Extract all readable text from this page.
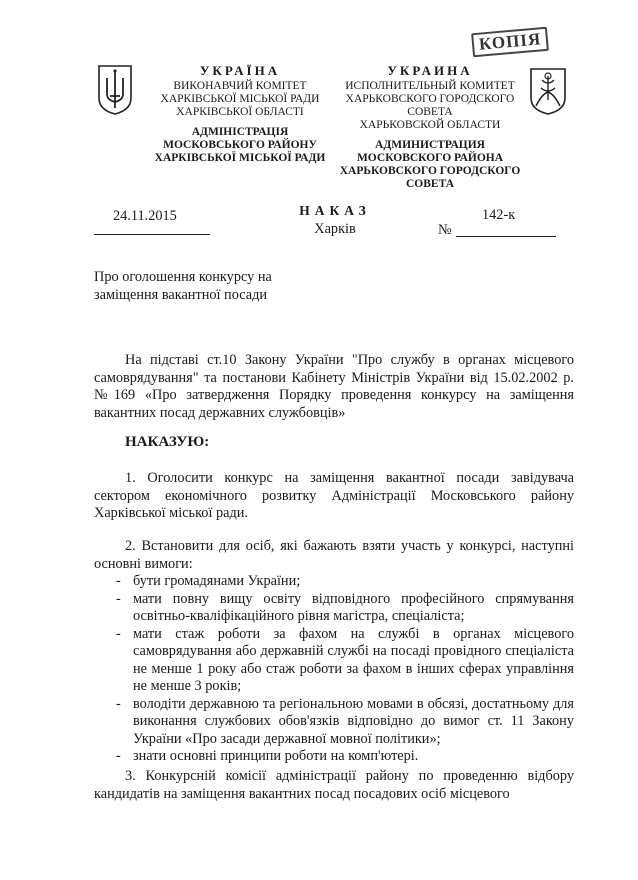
КОПІЯ
УКРАЇНА
ВИКОНАВЧИЙ КОМІТЕТ
ХАРКІВСЬКОЇ МІСЬКОЇ РАДИ
ХАРКІВСЬКОЇ ОБЛАСТІ
АДМІНІСТРАЦІЯ
МОСКОВСЬКОГО РАЙОНУ
ХАРКІВСЬКОЇ МІСЬКОЇ РАДИ
УКРАИНА
ИСПОЛНИТЕЛЬНЫЙ КОМИТЕТ
ХАРЬКОВСКОГО ГОРОДСКОГО СОВЕТА
ХАРЬКОВСКОЙ ОБЛАСТИ
АДМИНИСТРАЦИЯ
МОСКОВСКОГО РАЙОНА
ХАРЬКОВСКОГО ГОРОДСКОГО СОВЕТА
24.11.2015	НАКАЗ
Харків
142-к
№
Про оголошення конкурсу на
заміщення вакантної посади
На підставі ст.10 Закону України "Про службу в органах місцевого самоврядування" та постанови Кабінету Міністрів України від 15.02.2002 р. №169 «Про затвердження Порядку проведення конкурсу на заміщення вакантних посад державних службовців»
НАКАЗУЮ:
1. Оголосити конкурс на заміщення вакантної посади завідувача сектором економічного розвитку Адміністрації Московського району Харківської міської ради.
2. Встановити для осіб, які бажають взяти участь у конкурсі, наступні основні вимоги:
- бути громадянами України;
- мати повну вищу освіту відповідного професійного спрямування освітньо-кваліфікаційного рівня магістра, спеціаліста;
- мати стаж роботи за фахом на службі в органах місцевого самоврядування або державній службі на посаді провідного спеціаліста не менше 1 року або стаж роботи за фахом в інших сферах управління не менше 3 років;
- володіти державною та регіональною мовами в обсязі, достатньому для виконання службових обов'язків відповідно до вимог ст. 11 Закону України «Про засади державної мовної політики»;
- знати основні принципи роботи на комп'ютері.
3. Конкурсній комісії адміністрації району по проведенню відбору кандидатів на заміщення вакантних посад посадових осіб місцевого
